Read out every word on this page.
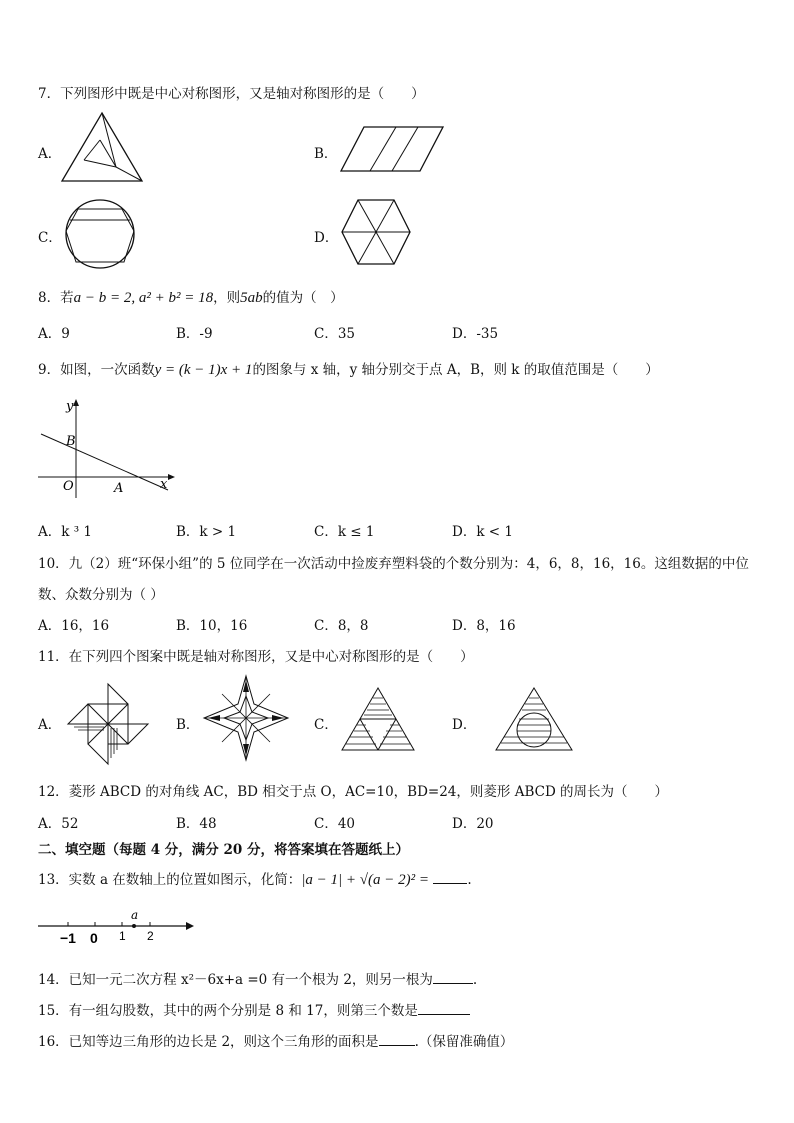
7．下列图形中既是中心对称图形，又是轴对称图形的是（　　）
A．	B．
C．	D．
8．若a − b = 2, a² + b² = 18，则5ab的值为（　）
A．9	B．-9	C．35	D．-35
9．如图，一次函数y = (k − 1)x + 1的图象与 x 轴，y 轴分别交于点 A，B，则 k 的取值范围是（　　）
y
x
B
O	A
A．k ³ 1	B．k > 1	C．k ≤ 1	D．k < 1
10．九（2）班“环保小组”的 5 位同学在一次活动中捡废弃塑料袋的个数分别为：4，6，8，16，16。这组数据的中位
数、众数分别为（ ）
A．16，16	B．10，16	C．8，8	D．8，16
11．在下列四个图案中既是轴对称图形，又是中心对称图形的是（　　）
A．	B．	C．	D．
12．菱形 ABCD 的对角线 AC，BD 相交于点 O，AC=10，BD=24，则菱形 ABCD 的周长为（　　）
A．52	B．48	C．40	D．20
二、填空题（每题 4 分，满分 20 分，将答案填在答题纸上）
13．实数 a 在数轴上的位置如图示，化简：|a − 1| + √(a − 2)² =	.
a
−1 0 1 2
14．已知一元二次方程 x²－6x+a =0 有一个根为 2，则另一根为	.
15．有一组勾股数，其中的两个分别是 8 和 17，则第三个数是
16．已知等边三角形的边长是 2，则这个三角形的面积是	.（保留准确值）
